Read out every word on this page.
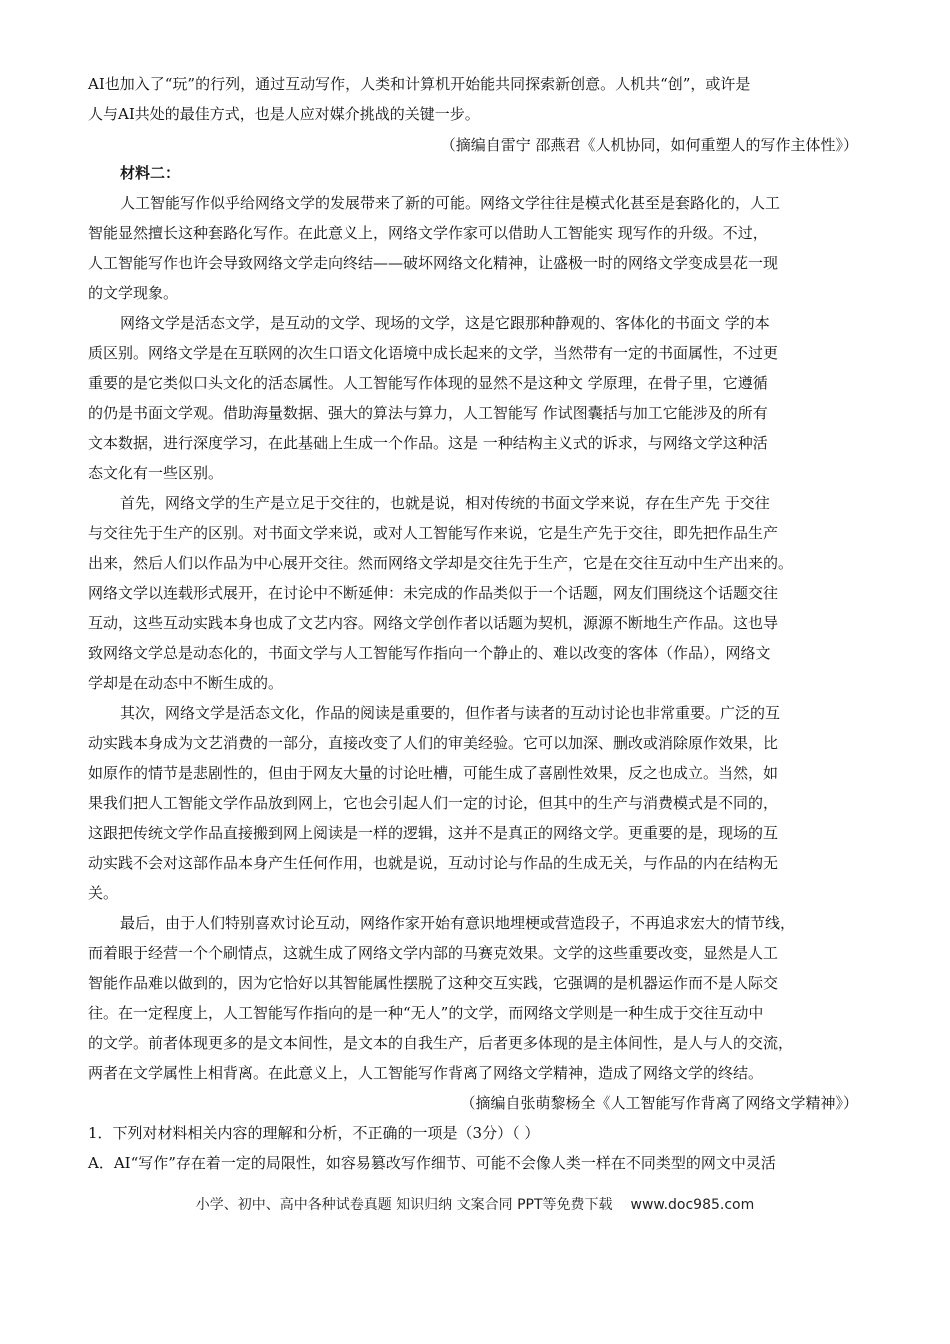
AI也加入了“玩”的行列，通过互动写作，人类和计算机开始能共同探索新创意。人机共“创”，或许是
人与AI共处的最佳方式，也是人应对媒介挑战的关键一步。
（摘编自雷宁 邵燕君《人机协同，如何重塑人的写作主体性》）
材料二：
人工智能写作似乎给网络文学的发展带来了新的可能。网络文学往往是模式化甚至是套路化的，人工
智能显然擅长这种套路化写作。在此意义上，网络文学作家可以借助人工智能实 现写作的升级。不过，
人工智能写作也许会导致网络文学走向终结——破坏网络文化精神，让盛极一时的网络文学变成昙花一现
的文学现象。
网络文学是活态文学，是互动的文学、现场的文学，这是它跟那种静观的、客体化的书面文 学的本
质区别。网络文学是在互联网的次生口语文化语境中成长起来的文学，当然带有一定的书面属性，不过更
重要的是它类似口头文化的活态属性。人工智能写作体现的显然不是这种文 学原理，在骨子里，它遵循
的仍是书面文学观。借助海量数据、强大的算法与算力，人工智能写 作试图囊括与加工它能涉及的所有
文本数据，进行深度学习，在此基础上生成一个作品。这是 一种结构主义式的诉求，与网络文学这种活
态文化有一些区别。
首先，网络文学的生产是立足于交往的，也就是说，相对传统的书面文学来说，存在生产先 于交往
与交往先于生产的区别。对书面文学来说，或对人工智能写作来说，它是生产先于交往，即先把作品生产
出来，然后人们以作品为中心展开交往。然而网络文学却是交往先于生产，它是在交往互动中生产出来的。
网络文学以连载形式展开，在讨论中不断延伸：未完成的作品类似于一个话题，网友们围绕这个话题交往
互动，这些互动实践本身也成了文艺内容。网络文学创作者以话题为契机，源源不断地生产作品。这也导
致网络文学总是动态化的，书面文学与人工智能写作指向一个静止的、难以改变的客体（作品），网络文
学却是在动态中不断生成的。
其次，网络文学是活态文化，作品的阅读是重要的，但作者与读者的互动讨论也非常重要。广泛的互
动实践本身成为文艺消费的一部分，直接改变了人们的审美经验。它可以加深、删改或消除原作效果，比
如原作的情节是悲剧性的，但由于网友大量的讨论吐槽，可能生成了喜剧性效果，反之也成立。当然，如
果我们把人工智能文学作品放到网上，它也会引起人们一定的讨论，但其中的生产与消费模式是不同的，
这跟把传统文学作品直接搬到网上阅读是一样的逻辑，这并不是真正的网络文学。更重要的是，现场的互
动实践不会对这部作品本身产生任何作用，也就是说，互动讨论与作品的生成无关，与作品的内在结构无
关。
最后，由于人们特别喜欢讨论互动，网络作家开始有意识地埋梗或营造段子，不再追求宏大的情节线，
而着眼于经营一个个刷情点，这就生成了网络文学内部的马赛克效果。文学的这些重要改变，显然是人工
智能作品难以做到的，因为它恰好以其智能属性摆脱了这种交互实践，它强调的是机器运作而不是人际交
往。在一定程度上，人工智能写作指向的是一种“无人”的文学，而网络文学则是一种生成于交往互动中
的文学。前者体现更多的是文本间性，是文本的自我生产，后者更多体现的是主体间性，是人与人的交流，
两者在文学属性上相背离。在此意义上，人工智能写作背离了网络文学精神，造成了网络文学的终结。
（摘编自张萌黎杨全《人工智能写作背离了网络文学精神》）
1．下列对材料相关内容的理解和分析，不正确的一项是（3分）（ ）
A．AI“写作”存在着一定的局限性，如容易篡改写作细节、可能不会像人类一样在不同类型的网文中灵活
小学、初中、高中各种试卷真题 知识归纳 文案合同 PPT等免费下载 www.doc985.com
